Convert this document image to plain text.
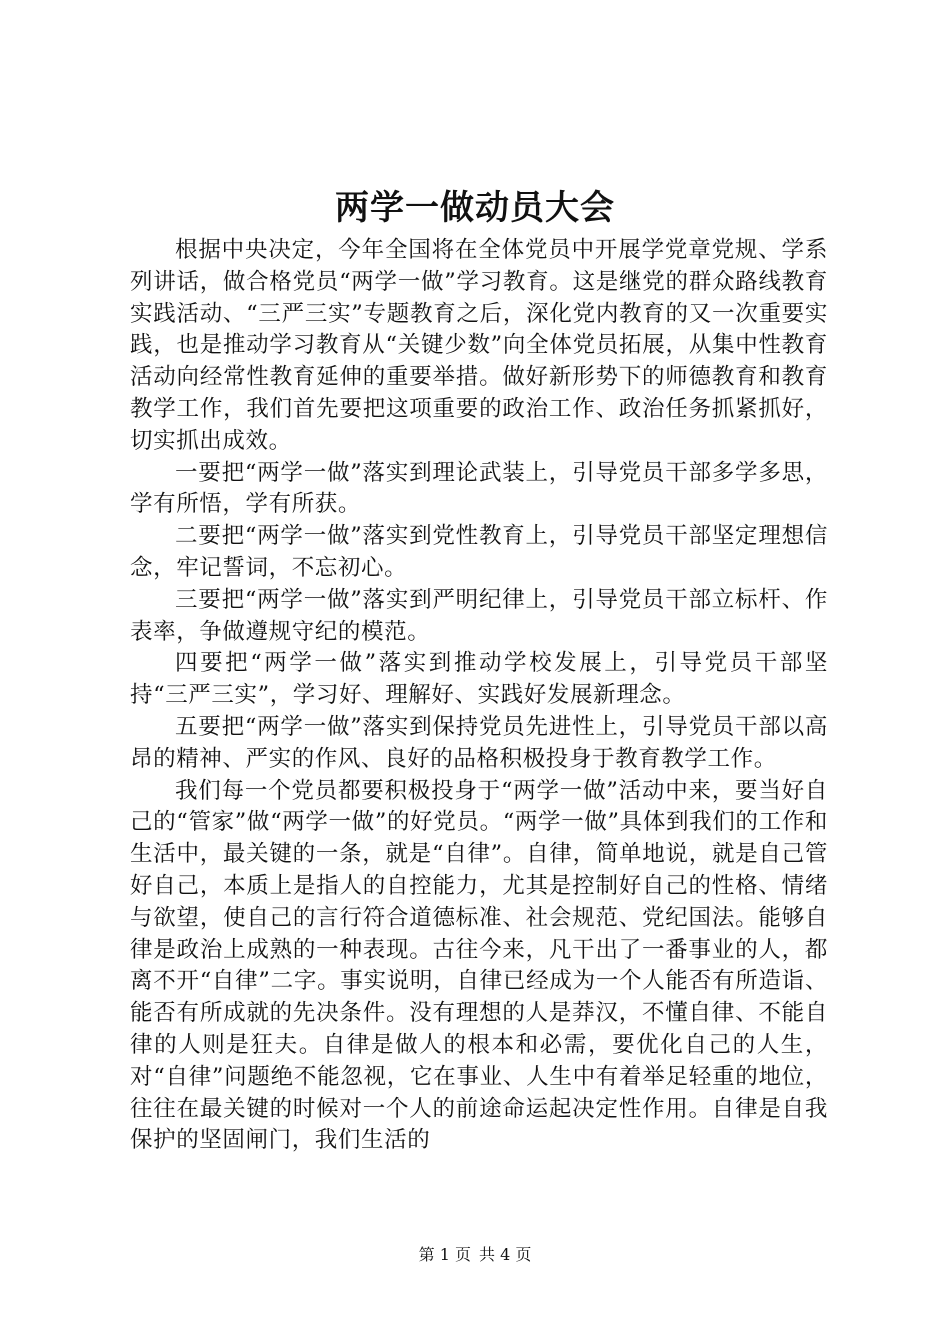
两学一做动员大会

根据中央决定，今年全国将在全体党员中开展学党章党规、学系列讲话，做合格党员“两学一做”学习教育。这是继党的群众路线教育实践活动、“三严三实”专题教育之后，深化党内教育的又一次重要实践，也是推动学习教育从“关键少数”向全体党员拓展，从集中性教育活动向经常性教育延伸的重要举措。做好新形势下的师德教育和教育教学工作，我们首先要把这项重要的政治工作、政治任务抓紧抓好，切实抓出成效。

一要把“两学一做”落实到理论武装上，引导党员干部多学多思，学有所悟，学有所获。

二要把“两学一做”落实到党性教育上，引导党员干部坚定理想信念，牢记誓词，不忘初心。

三要把“两学一做”落实到严明纪律上，引导党员干部立标杆、作表率，争做遵规守纪的模范。

四要把“两学一做”落实到推动学校发展上，引导党员干部坚持“三严三实”，学习好、理解好、实践好发展新理念。

五要把“两学一做”落实到保持党员先进性上，引导党员干部以高昂的精神、严实的作风、良好的品格积极投身于教育教学工作。

我们每一个党员都要积极投身于“两学一做”活动中来，要当好自己的“管家”做“两学一做”的好党员。“两学一做”具体到我们的工作和生活中，最关键的一条，就是“自律”。自律，简单地说，就是自己管好自己，本质上是指人的自控能力，尤其是控制好自己的性格、情绪与欲望，使自己的言行符合道德标准、社会规范、党纪国法。能够自律是政治上成熟的一种表现。古往今来，凡干出了一番事业的人，都离不开“自律”二字。事实说明，自律已经成为一个人能否有所造诣、能否有所成就的先决条件。没有理想的人是莽汉，不懂自律、不能自律的人则是狂夫。自律是做人的根本和必需，要优化自己的人生，对“自律”问题绝不能忽视，它在事业、人生中有着举足轻重的地位，往往在最关键的时候对一个人的前途命运起决定性作用。自律是自我保护的坚固闸门，我们生活的

第 1 页 共 4 页
